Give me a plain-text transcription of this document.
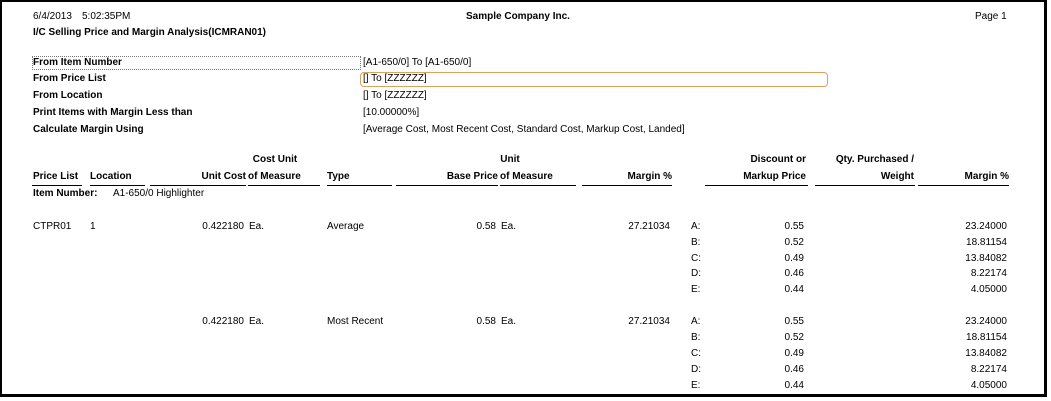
6/4/2013 5:02:35PM	Sample Company Inc.	Page 1
I/C Selling Price and Margin Analysis(ICMRAN01)
From Item Number	[A1-650/0] To [A1-650/0]
From Price List	[] To [ZZZZZZ]
From Location	[] To [ZZZZZZ]
Print Items with Margin Less than	[10.00000%]
Calculate Margin Using	[Average Cost, Most Recent Cost, Standard Cost, Markup Cost, Landed]
Cost Unit	Unit	Discount or	Qty. Purchased /
Price List Location	Unit Cost of Measure	Type	Base Price of Measure	Margin %	Markup Price	Weight	Margin %
Item Number: A1-650/0 Highlighter
CTPR01 1	0.422180 Ea.	Average	0.58 Ea.	27.21034 A:	0.55	23.24000
B:	0.52	18.81154
C:	0.49	13.84082
D:	0.46	8.22174
E:	0.44	4.05000
0.422180 Ea.	Most Recent	0.58 Ea.	27.21034 A:	0.55	23.24000
B:	0.52	18.81154
C:	0.49	13.84082
D:	0.46	8.22174
E:	0.44	4.05000
